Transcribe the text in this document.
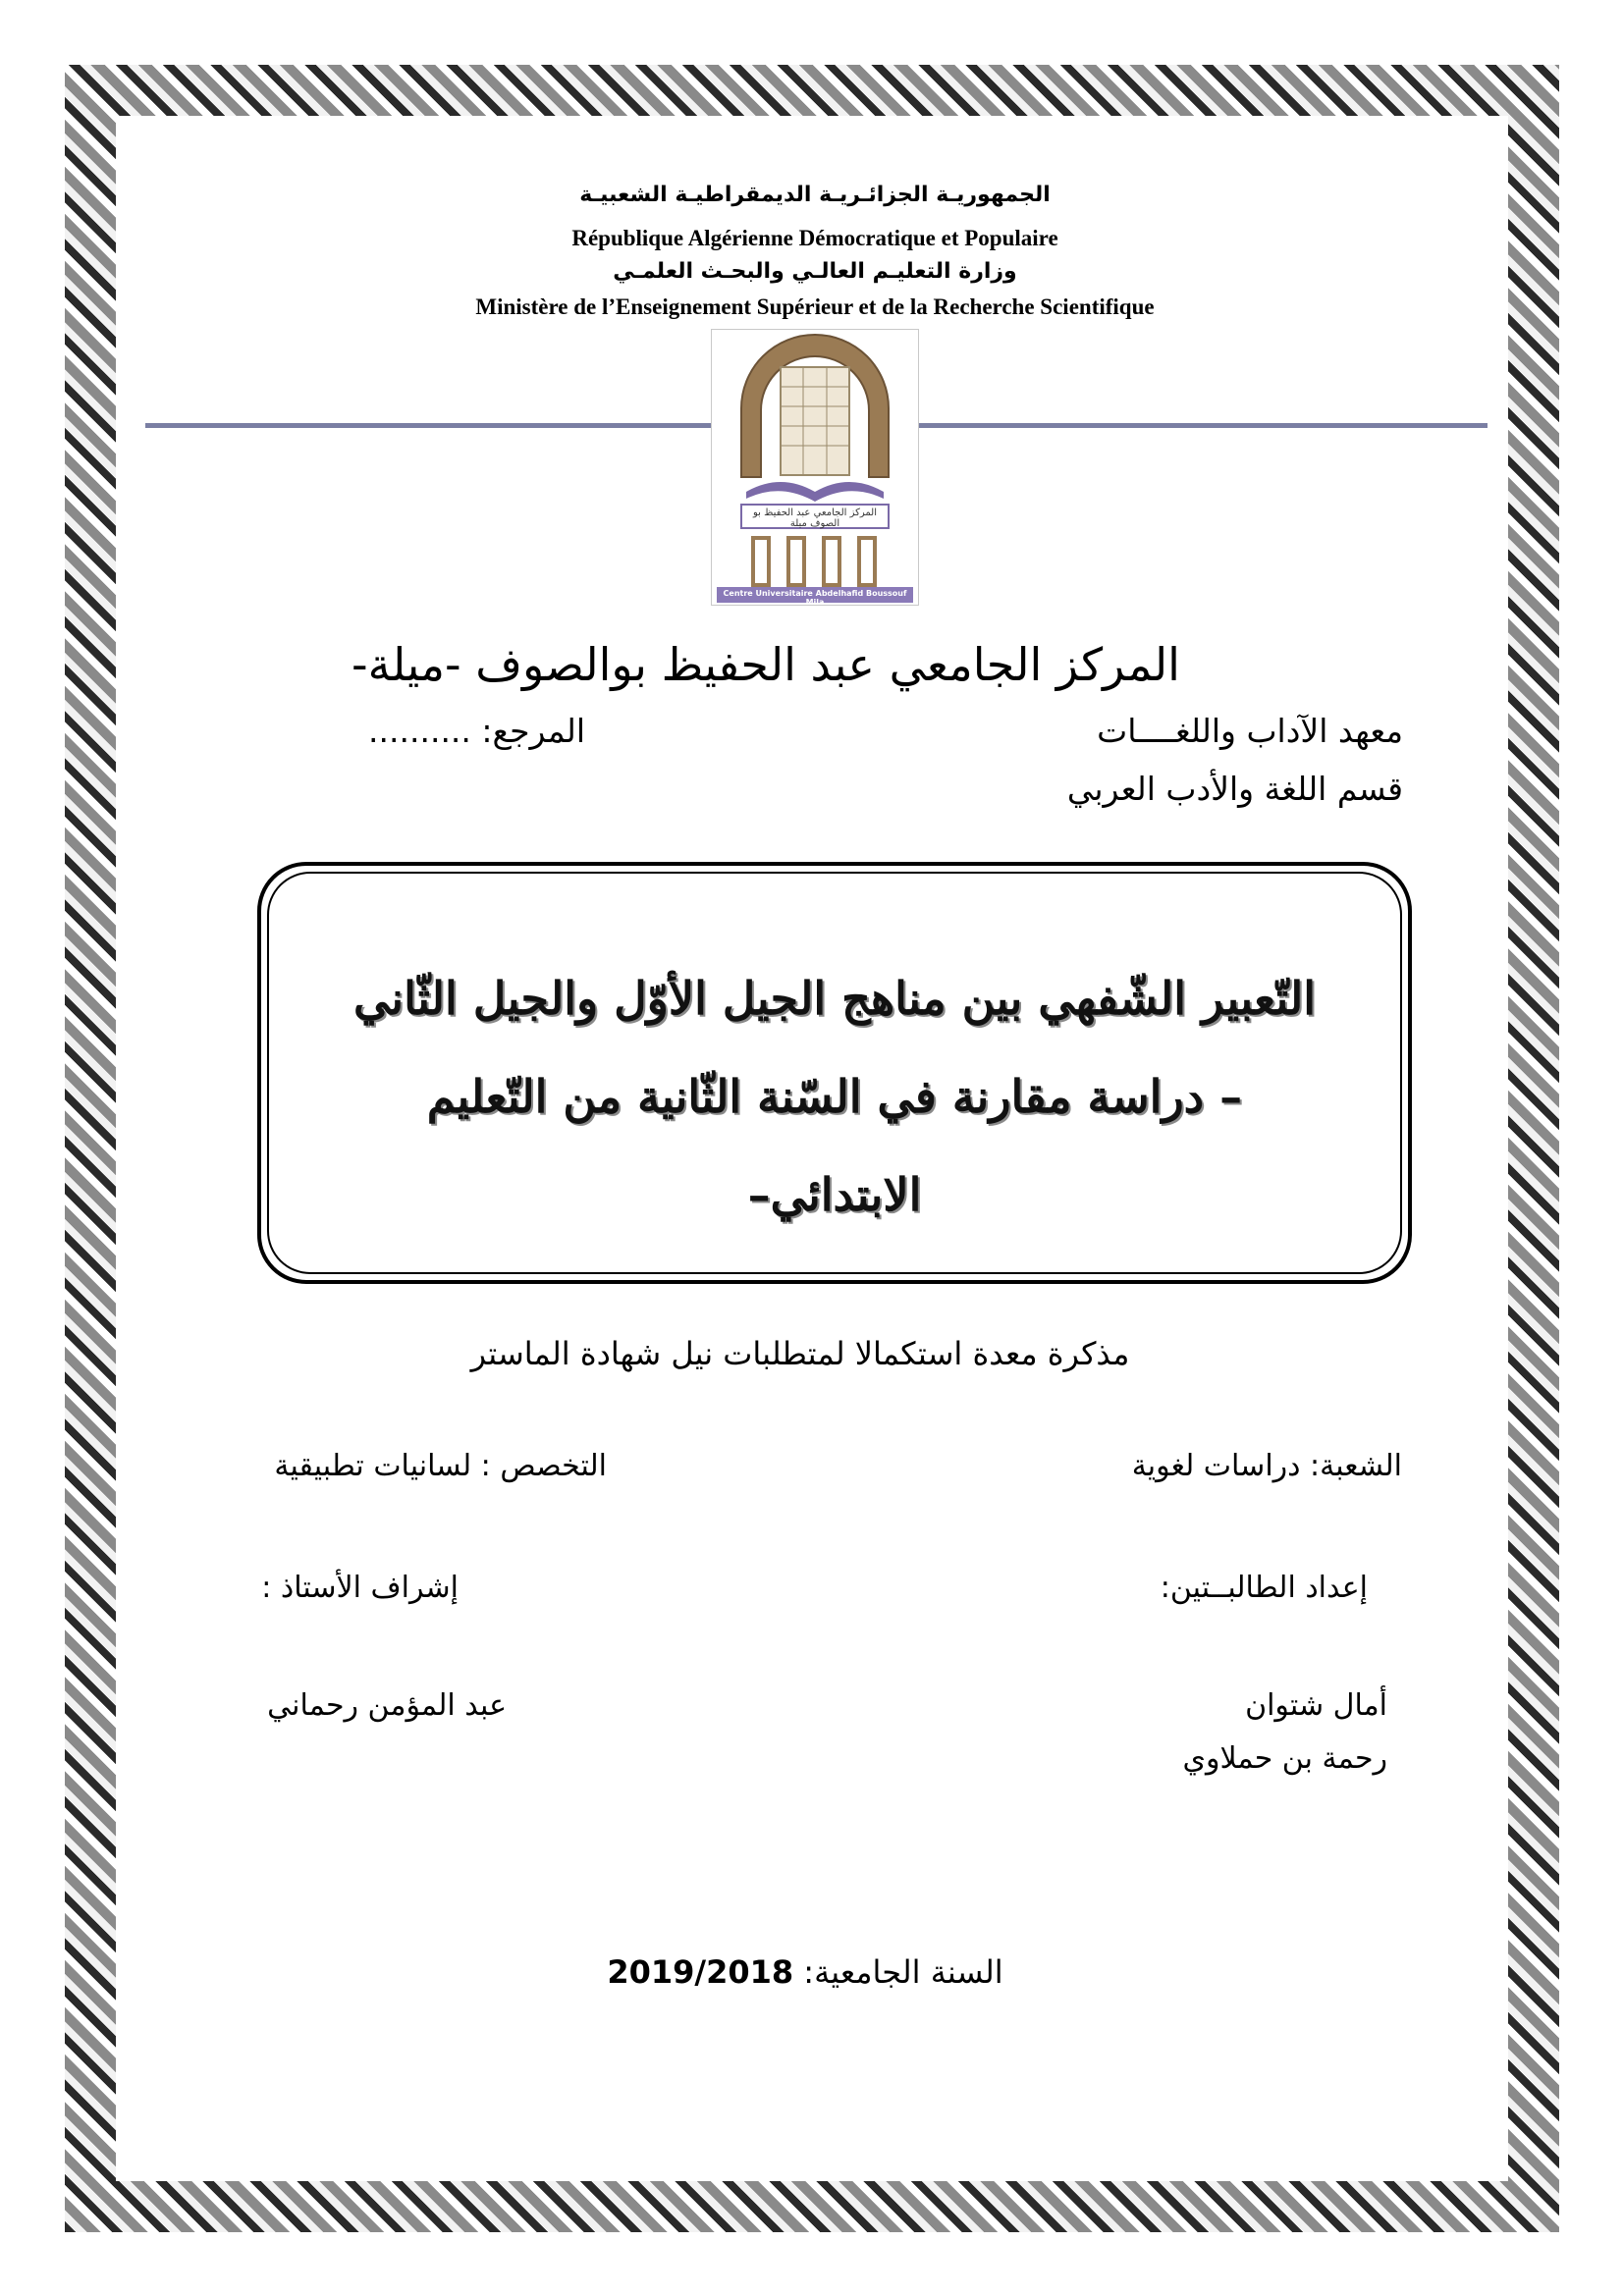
الجمهوريـة الجزائـريـة الديمقراطيـة الشعبيـة
République Algérienne Démocratique et Populaire
وزارة التعليـم العالـي والبحـث العلمـي
Ministère de l’Enseignement Supérieur et de la Recherche Scientifique
المركز الجامعي عبد الحفيظ بو الصوف ميلة
Centre Universitaire Abdelhafid Boussouf Mila
المركز الجامعي عبد الحفيظ بوالصوف -ميلة-
معهد الآداب واللغــــات
المرجع: ..........
قسم اللغة والأدب العربي
التّعبير الشّفهي بين مناهج الجيل الأوّل والجيل الثّاني
– دراسة مقارنة في السّنة الثّانية من التّعليم
الابتدائي–
مذكرة معدة استكمالا لمتطلبات نيل شهادة الماستر
الشعبة: دراسات لغوية
التخصص : لسانيات تطبيقية
إعداد الطالبــتين:
إشراف الأستاذ :
أمال شتوان
رحمة بن حملاوي
عبد المؤمن رحماني
السنة الجامعية: 2019/2018
